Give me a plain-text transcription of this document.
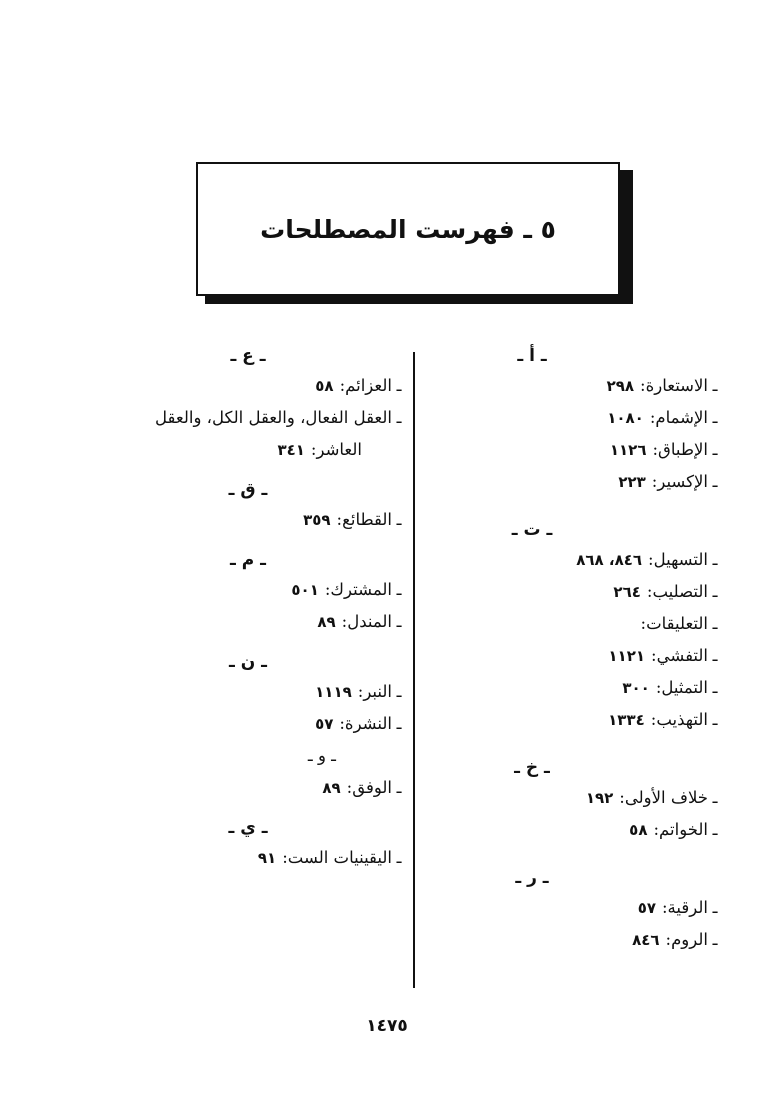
٥ ـ فهرست المصطلحات
ـ أ ـ
ـالاستعارة:٢٩٨
ـالإشمام:١٠٨٠
ـالإطباق:١١٢٦
ـالإكسير:٢٢٣
ـ ت ـ
ـالتسهيل:٨٤٦، ٨٦٨
ـالتصليب:٢٦٤
ـالتعليقات:
ـالتفشي:١١٢١
ـالتمثيل:٣٠٠
ـالتهذيب:١٣٣٤
ـ خ ـ
ـخلاف الأولى:١٩٢
ـالخواتم:٥٨
ـ ر ـ
ـالرقية:٥٧
ـالروم:٨٤٦
ـ ع ـ
ـالعزائم:٥٨
ـالعقل الفعال، والعقل الكل، والعقل
العاشر:٣٤١
ـ ق ـ
ـالقطائع:٣٥٩
ـ م ـ
ـالمشترك:٥٠١
ـالمندل:٨٩
ـ ن ـ
ـالنبر:١١١٩
ـالنشرة:٥٧
ـ و ـ
ـالوفق:٨٩
ـ ي ـ
ـاليقينيات الست:٩١
١٤٧٥
